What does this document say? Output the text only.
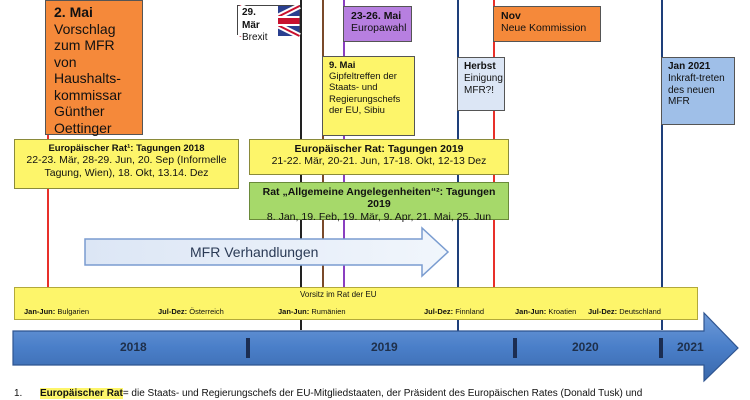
2. Mai
Vorschlag zum MFR von Haushalts-kommissar Günther Oettinger
29. Mär
Brexit
23-26. Mai
Europawahl
9. Mai
Gipfeltreffen der Staats- und Regierungschefs der EU, Sibiu
Herbst
Einigung MFR?!
Nov
Neue Kommission
Jan 2021
Inkraft-treten des neuen MFR
Europäischer Rat¹: Tagungen 2018
22-23. Mär, 28-29. Jun, 20. Sep (Informelle Tagung, Wien), 18. Okt, 13.14. Dez
Europäischer Rat: Tagungen 2019
21-22. Mär, 20-21. Jun, 17-18. Okt, 12-13 Dez
Rat „Allgemeine Angelegenheiten“²: Tagungen 2019
8. Jan, 19. Feb, 19. Mär, 9. Apr, 21. Mai, 25. Jun
MFR Verhandlungen
Vorsitz im Rat der EU
Jan-Jun: Bulgarien	Jul-Dez: Österreich	Jan-Jun: Rumänien	Jul-Dez: Finnland	Jan-Jun: Kroatien Jul-Dez: Deutschland
2018	2019	2020	2021
1. Europäischer Rat= die Staats- und Regierungschefs der EU-Mitgliedstaaten, der Präsident des Europäischen Rates (Donald Tusk) und
